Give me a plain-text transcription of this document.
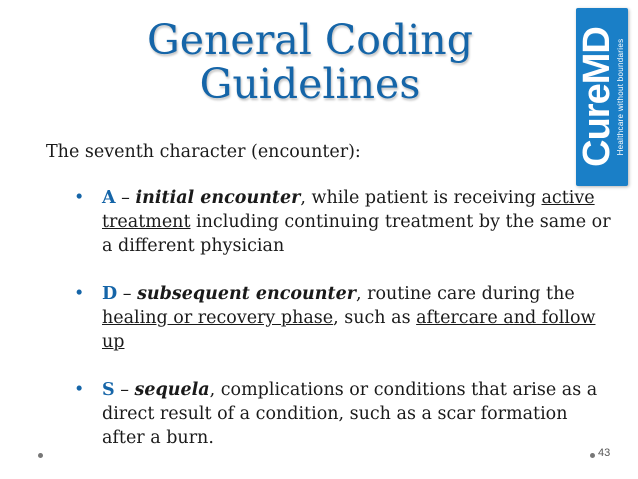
General Coding
Guidelines	CureMD
Healthcare without boundaries
The seventh character (encounter):
• A – initial encounter, while patient is receiving active treatment including continuing treatment by the same or a different physician
• D – subsequent encounter, routine care during the healing or recovery phase, such as aftercare and follow up
• S – sequela, complications or conditions that arise as a direct result of a condition, such as a scar formation after a burn.
43
